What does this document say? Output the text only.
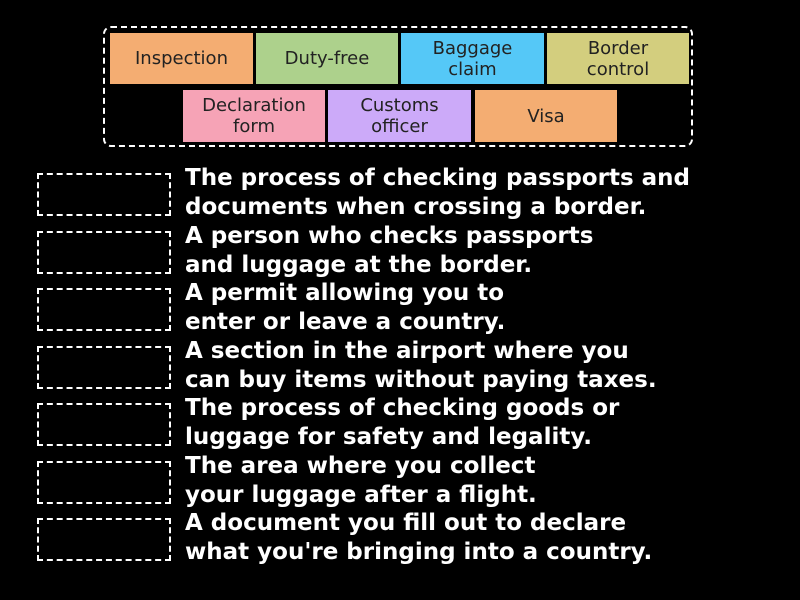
Inspection	Duty-free	Baggage
claim
Border
control
Declaration
form
Customs
officer	Visa
The process of checking passports and
documents when crossing a border.
A person who checks passports
and luggage at the border.
A permit allowing you to
enter or leave a country.
A section in the airport where you
can buy items without paying taxes.
The process of checking goods or
luggage for safety and legality.
The area where you collect
your luggage after a flight.
A document you fill out to declare
what you're bringing into a country.
